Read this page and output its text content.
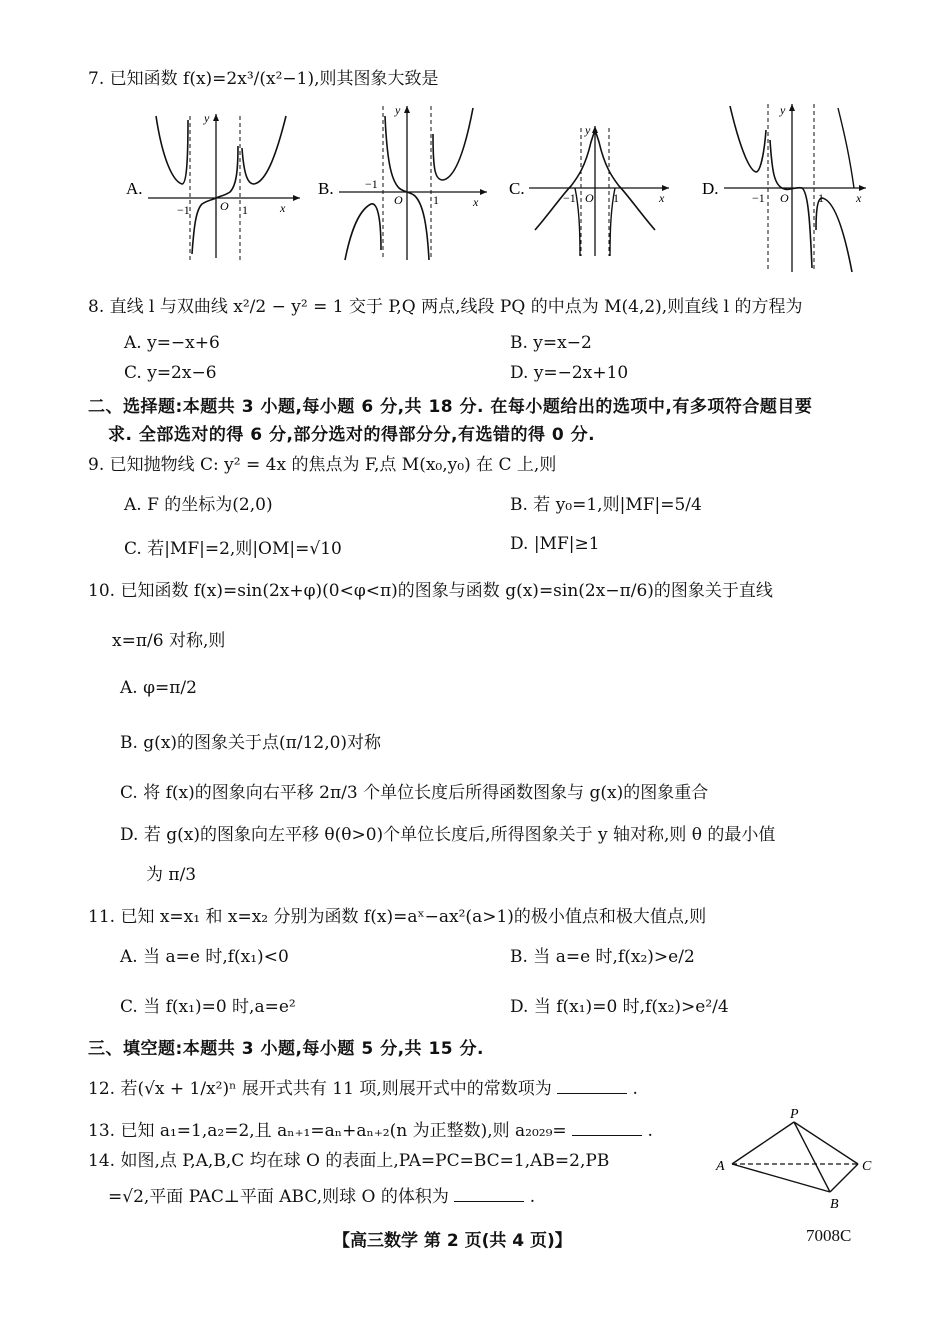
7. 已知函数 f(x)=2x³/(x²−1),则其图象大致是
A.
−1	O 1
y
x
B.	−1
O	1
y
x
C.	−1 O 1
y
x D.	−1 O 1
y
x
8. 直线 l 与双曲线 x²/2 − y² = 1 交于 P,Q 两点,线段 PQ 的中点为 M(4,2),则直线 l 的方程为
A. y=−x+6	B. y=x−2
C. y=2x−6	D. y=−2x+10
二、选择题:本题共 3 小题,每小题 6 分,共 18 分. 在每小题给出的选项中,有多项符合题目要
求. 全部选对的得 6 分,部分选对的得部分分,有选错的得 0 分.
9. 已知抛物线 C: y² = 4x 的焦点为 F,点 M(x₀,y₀) 在 C 上,则
A. F 的坐标为(2,0)	B. 若 y₀=1,则|MF|=5/4
C. 若|MF|=2,则|OM|=√10	D. |MF|≥1
10. 已知函数 f(x)=sin(2x+φ)(0<φ<π)的图象与函数 g(x)=sin(2x−π/6)的图象关于直线
x=π/6 对称,则
A. φ=π/2
B. g(x)的图象关于点(π/12,0)对称
C. 将 f(x)的图象向右平移 2π/3 个单位长度后所得函数图象与 g(x)的图象重合
D. 若 g(x)的图象向左平移 θ(θ>0)个单位长度后,所得图象关于 y 轴对称,则 θ 的最小值
为 π/3
11. 已知 x=x₁ 和 x=x₂ 分别为函数 f(x)=aˣ−ax²(a>1)的极小值点和极大值点,则
A. 当 a=e 时,f(x₁)<0	B. 当 a=e 时,f(x₂)>e/2
C. 当 f(x₁)=0 时,a=e²	D. 当 f(x₁)=0 时,f(x₂)>e²/4
三、填空题:本题共 3 小题,每小题 5 分,共 15 分.
12. 若(√x + 1/x²)ⁿ 展开式共有 11 项,则展开式中的常数项为	.
13. 已知 a₁=1,a₂=2,且 aₙ₊₁=aₙ+aₙ₊₂(n 为正整数),则 a₂₀₂₉=	.
14. 如图,点 P,A,B,C 均在球 O 的表面上,PA=PC=BC=1,AB=2,PB
=√2,平面 PAC⊥平面 ABC,则球 O 的体积为	.
P
A	C
B
【高三数学 第 2 页(共 4 页)】	7008C
